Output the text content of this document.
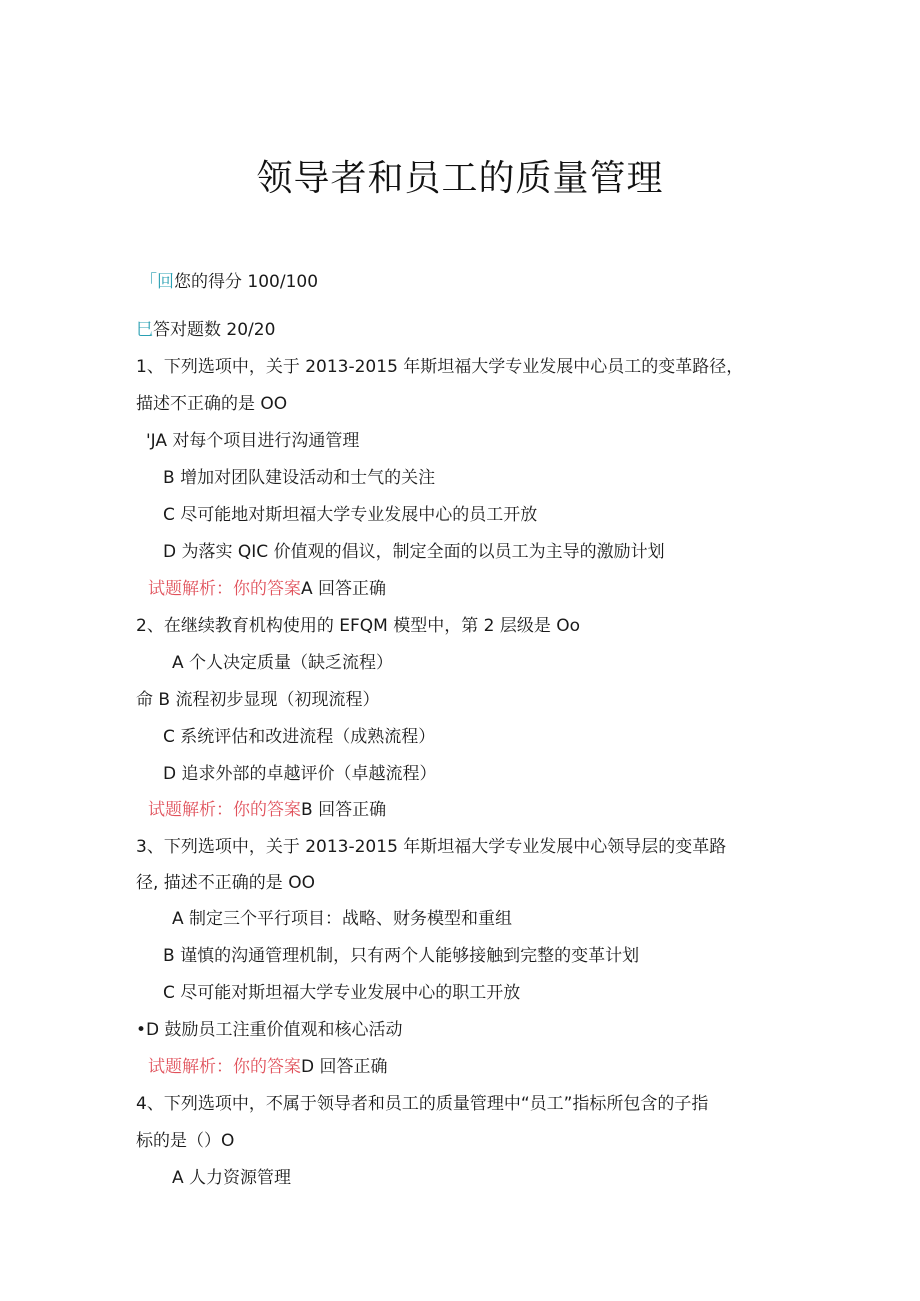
领导者和员工的质量管理
「回您的得分 100/100
巳答对题数 20/20
1、下列选项中，关于 2013-2015 年斯坦福大学专业发展中心员工的变革路径，
描述不正确的是 OO
'JA 对每个项目进行沟通管理
B 增加对团队建设活动和士气的关注
C 尽可能地对斯坦福大学专业发展中心的员工开放
D 为落实 QIC 价值观的倡议，制定全面的以员工为主导的激励计划
试题解析：你的答案A 回答正确
2、在继续教育机构使用的 EFQM 模型中，第 2 层级是 Oo
A 个人决定质量（缺乏流程）
命 B 流程初步显现（初现流程）
C 系统评估和改进流程（成熟流程）
D 追求外部的卓越评价（卓越流程）
试题解析：你的答案B 回答正确
3、下列选项中，关于 2013-2015 年斯坦福大学专业发展中心领导层的变革路
径, 描述不正确的是 OO
A 制定三个平行项目：战略、财务模型和重组
B 谨慎的沟通管理机制，只有两个人能够接触到完整的变革计划
C 尽可能对斯坦福大学专业发展中心的职工开放
•D 鼓励员工注重价值观和核心活动
试题解析：你的答案D 回答正确
4、下列选项中，不属于领导者和员工的质量管理中“员工”指标所包含的子指
标的是（）O
A 人力资源管理
